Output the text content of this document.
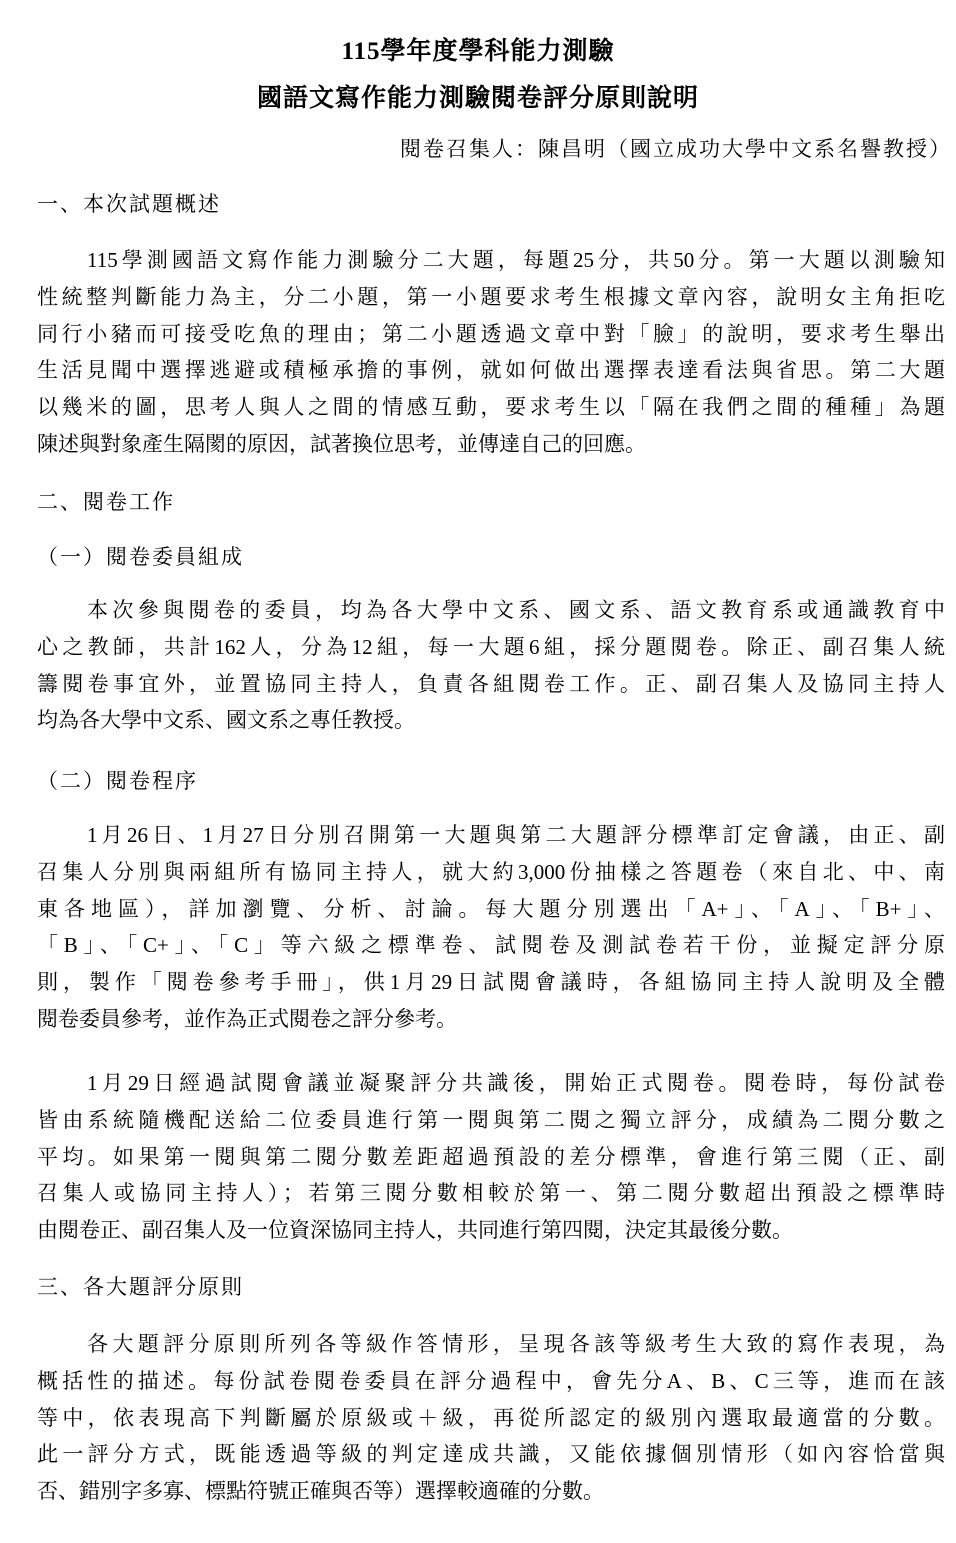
115學年度學科能力測驗
國語文寫作能力測驗閱卷評分原則說明
閱卷召集人：陳昌明（國立成功大學中文系名譽教授）
一、本次試題概述
115學測國語文寫作能力測驗分二大題，每題25分，共50分。第一大題以測驗知
性統整判斷能力為主，分二小題，第一小題要求考生根據文章內容，說明女主角拒吃
同行小豬而可接受吃魚的理由；第二小題透過文章中對「臉」的說明，要求考生舉出
生活見聞中選擇逃避或積極承擔的事例，就如何做出選擇表達看法與省思。第二大題
以幾米的圖，思考人與人之間的情感互動，要求考生以「隔在我們之間的種種」為題
陳述與對象產生隔閡的原因，試著換位思考，並傳達自己的回應。
二、閱卷工作
（一）閱卷委員組成
本次參與閱卷的委員，均為各大學中文系、國文系、語文教育系或通識教育中
心之教師，共計162人，分為12組，每一大題6組，採分題閱卷。除正、副召集人統
籌閱卷事宜外，並置協同主持人，負責各組閱卷工作。正、副召集人及協同主持人
均為各大學中文系、國文系之專任教授。
（二）閱卷程序
1月26日、1月27日分別召開第一大題與第二大題評分標準訂定會議，由正、副
召集人分別與兩組所有協同主持人，就大約3,000份抽樣之答題卷（來自北、中、南
東各地區），詳加瀏覽、分析、討論。每大題分別選出「A+」、「A」、「B+」、
「B」、「C+」、「C」等六級之標準卷、試閱卷及測試卷若干份，並擬定評分原
則，製作「閱卷參考手冊」，供1月29日試閱會議時，各組協同主持人說明及全體
閱卷委員參考，並作為正式閱卷之評分參考。
1月29日經過試閱會議並凝聚評分共識後，開始正式閱卷。閱卷時，每份試卷
皆由系統隨機配送給二位委員進行第一閱與第二閱之獨立評分，成績為二閱分數之
平均。如果第一閱與第二閱分數差距超過預設的差分標準，會進行第三閱（正、副
召集人或協同主持人）；若第三閱分數相較於第一、第二閱分數超出預設之標準時
由閱卷正、副召集人及一位資深協同主持人，共同進行第四閱，決定其最後分數。
三、各大題評分原則
各大題評分原則所列各等級作答情形，呈現各該等級考生大致的寫作表現，為
概括性的描述。每份試卷閱卷委員在評分過程中，會先分A、B、C三等，進而在該
等中，依表現高下判斷屬於原級或＋級，再從所認定的級別內選取最適當的分數。
此一評分方式，既能透過等級的判定達成共識，又能依據個別情形（如內容恰當與
否、錯別字多寡、標點符號正確與否等）選擇較適確的分數。
